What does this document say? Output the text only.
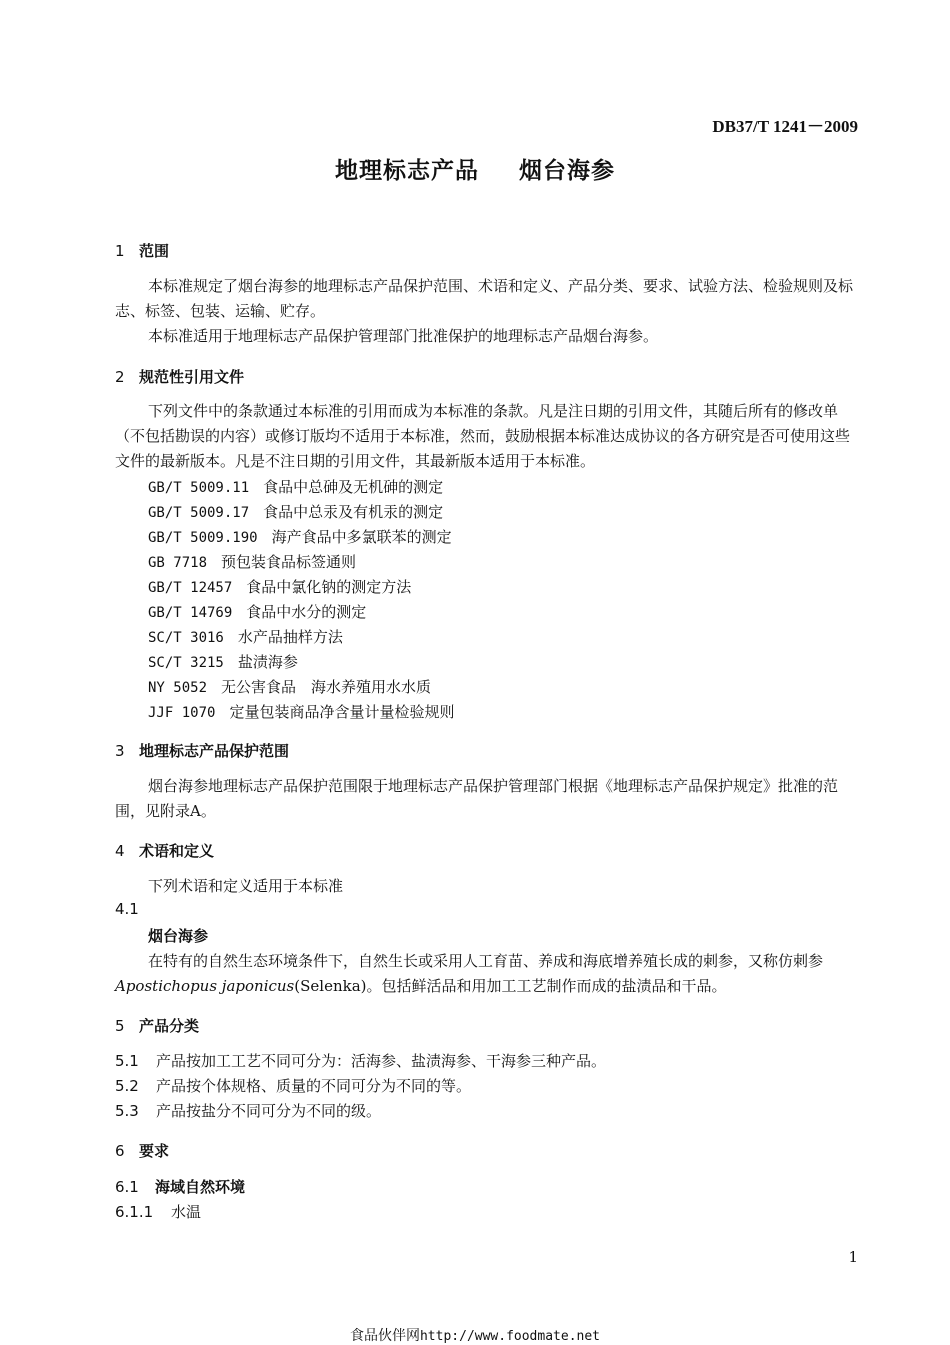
DB37/T 1241－2009
地理标志产品 烟台海参
1 范围
本标准规定了烟台海参的地理标志产品保护范围、术语和定义、产品分类、要求、试验方法、检验规则及标志、标签、包装、运输、贮存。
本标准适用于地理标志产品保护管理部门批准保护的地理标志产品烟台海参。
2 规范性引用文件
下列文件中的条款通过本标准的引用而成为本标准的条款。凡是注日期的引用文件，其随后所有的修改单（不包括勘误的内容）或修订版均不适用于本标准，然而，鼓励根据本标准达成协议的各方研究是否可使用这些文件的最新版本。凡是不注日期的引用文件，其最新版本适用于本标准。
GB/T 5009.11 食品中总砷及无机砷的测定
GB/T 5009.17 食品中总汞及有机汞的测定
GB/T 5009.190 海产食品中多氯联苯的测定
GB 7718 预包装食品标签通则
GB/T 12457 食品中氯化钠的测定方法
GB/T 14769 食品中水分的测定
SC/T 3016 水产品抽样方法
SC/T 3215 盐渍海参
NY 5052 无公害食品　海水养殖用水水质
JJF 1070 定量包装商品净含量计量检验规则
3 地理标志产品保护范围
烟台海参地理标志产品保护范围限于地理标志产品保护管理部门根据《地理标志产品保护规定》批准的范围，见附录A。
4 术语和定义
下列术语和定义适用于本标准
4.1
烟台海参
在特有的自然生态环境条件下，自然生长或采用人工育苗、养成和海底增养殖长成的刺参，又称仿刺参 Apostichopus japonicus(Selenka)。包括鲜活品和用加工工艺制作而成的盐渍品和干品。
5 产品分类
5.1 产品按加工工艺不同可分为：活海参、盐渍海参、干海参三种产品。
5.2 产品按个体规格、质量的不同可分为不同的等。
5.3 产品按盐分不同可分为不同的级。
6 要求
6.1 海域自然环境
6.1.1 水温
1
食品伙伴网http://www.foodmate.net
